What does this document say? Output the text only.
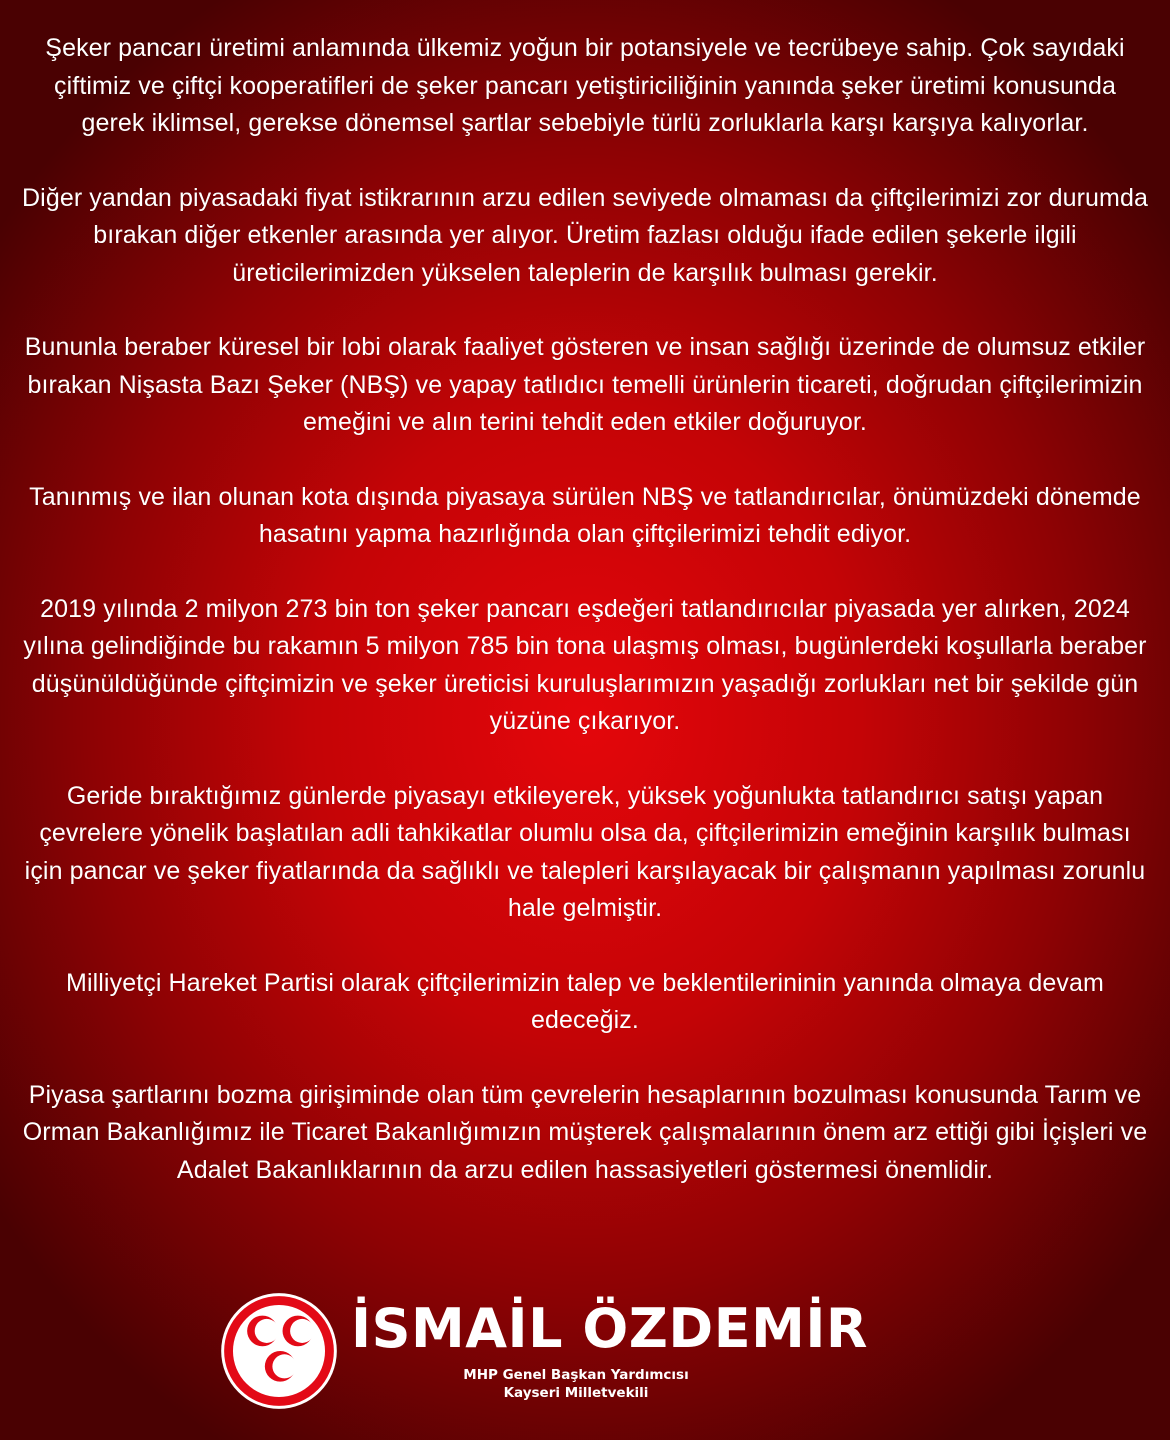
Şeker pancarı üretimi anlamında ülkemiz yoğun bir potansiyele ve tecrübeye sahip. Çok sayıdaki çiftimiz ve çiftçi kooperatifleri de şeker pancarı yetiştiriciliğinin yanında şeker üretimi konusunda gerek iklimsel, gerekse dönemsel şartlar sebebiyle türlü zorluklarla karşı karşıya kalıyorlar.

Diğer yandan piyasadaki fiyat istikrarının arzu edilen seviyede olmaması da çiftçilerimizi zor durumda bırakan diğer etkenler arasında yer alıyor. Üretim fazlası olduğu ifade edilen şekerle ilgili üreticilerimizden yükselen taleplerin de karşılık bulması gerekir.

Bununla beraber küresel bir lobi olarak faaliyet gösteren ve insan sağlığı üzerinde de olumsuz etkiler bırakan Nişasta Bazı Şeker (NBŞ) ve yapay tatlıdıcı temelli ürünlerin ticareti, doğrudan çiftçilerimizin emeğini ve alın terini tehdit eden etkiler doğuruyor.

Tanınmış ve ilan olunan kota dışında piyasaya sürülen NBŞ ve tatlandırıcılar, önümüzdeki dönemde hasatını yapma hazırlığında olan çiftçilerimizi tehdit ediyor.

2019 yılında 2 milyon 273 bin ton şeker pancarı eşdeğeri tatlandırıcılar piyasada yer alırken, 2024 yılına gelindiğinde bu rakamın 5 milyon 785 bin tona ulaşmış olması, bugünlerdeki koşullarla beraber düşünüldüğünde çiftçimizin ve şeker üreticisi kuruluşlarımızın yaşadığı zorlukları net bir şekilde gün yüzüne çıkarıyor.

Geride bıraktığımız günlerde piyasayı etkileyerek, yüksek yoğunlukta tatlandırıcı satışı yapan çevrelere yönelik başlatılan adli tahkikatlar olumlu olsa da, çiftçilerimizin emeğinin karşılık bulması için pancar ve şeker fiyatlarında da sağlıklı ve talepleri karşılayacak bir çalışmanın yapılması zorunlu hale gelmiştir.

Milliyetçi Hareket Partisi olarak çiftçilerimizin talep ve beklentilerininin yanında olmaya devam edeceğiz.

Piyasa şartlarını bozma girişiminde olan tüm çevrelerin hesaplarının bozulması konusunda Tarım ve Orman Bakanlığımız ile Ticaret Bakanlığımızın müşterek çalışmalarının önem arz ettiği gibi İçişleri ve Adalet Bakanlıklarının da arzu edilen hassasiyetleri göstermesi önemlidir.

İSMAİL ÖZDEMİR
MHP Genel Başkan Yardımcısı
Kayseri Milletvekili
